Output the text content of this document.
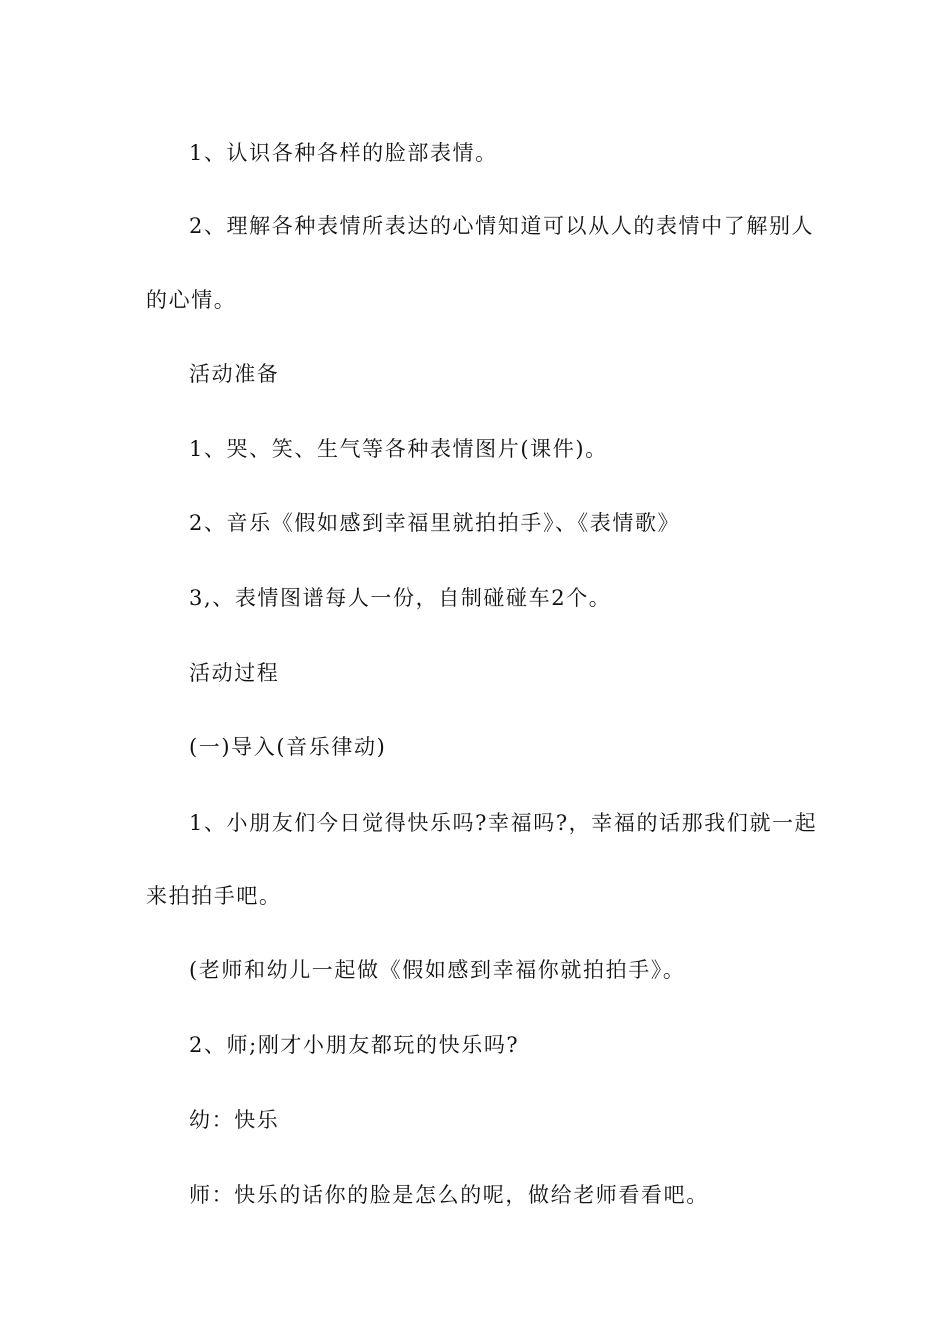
1、认识各种各样的脸部表情。
2、理解各种表情所表达的心情知道可以从人的表情中了解别人
的心情。
活动准备
1、哭、笑、生气等各种表情图片(课件)。
2、音乐《假如感到幸福里就拍拍手》、《表情歌》
3,、表情图谱每人一份，自制碰碰车2个。
活动过程
(一)导入(音乐律动)
1、小朋友们今日觉得快乐吗?幸福吗?，幸福的话那我们就一起
来拍拍手吧。
(老师和幼儿一起做《假如感到幸福你就拍拍手》。
2、师;刚才小朋友都玩的快乐吗?
幼：快乐
师：快乐的话你的脸是怎么的呢，做给老师看看吧。
